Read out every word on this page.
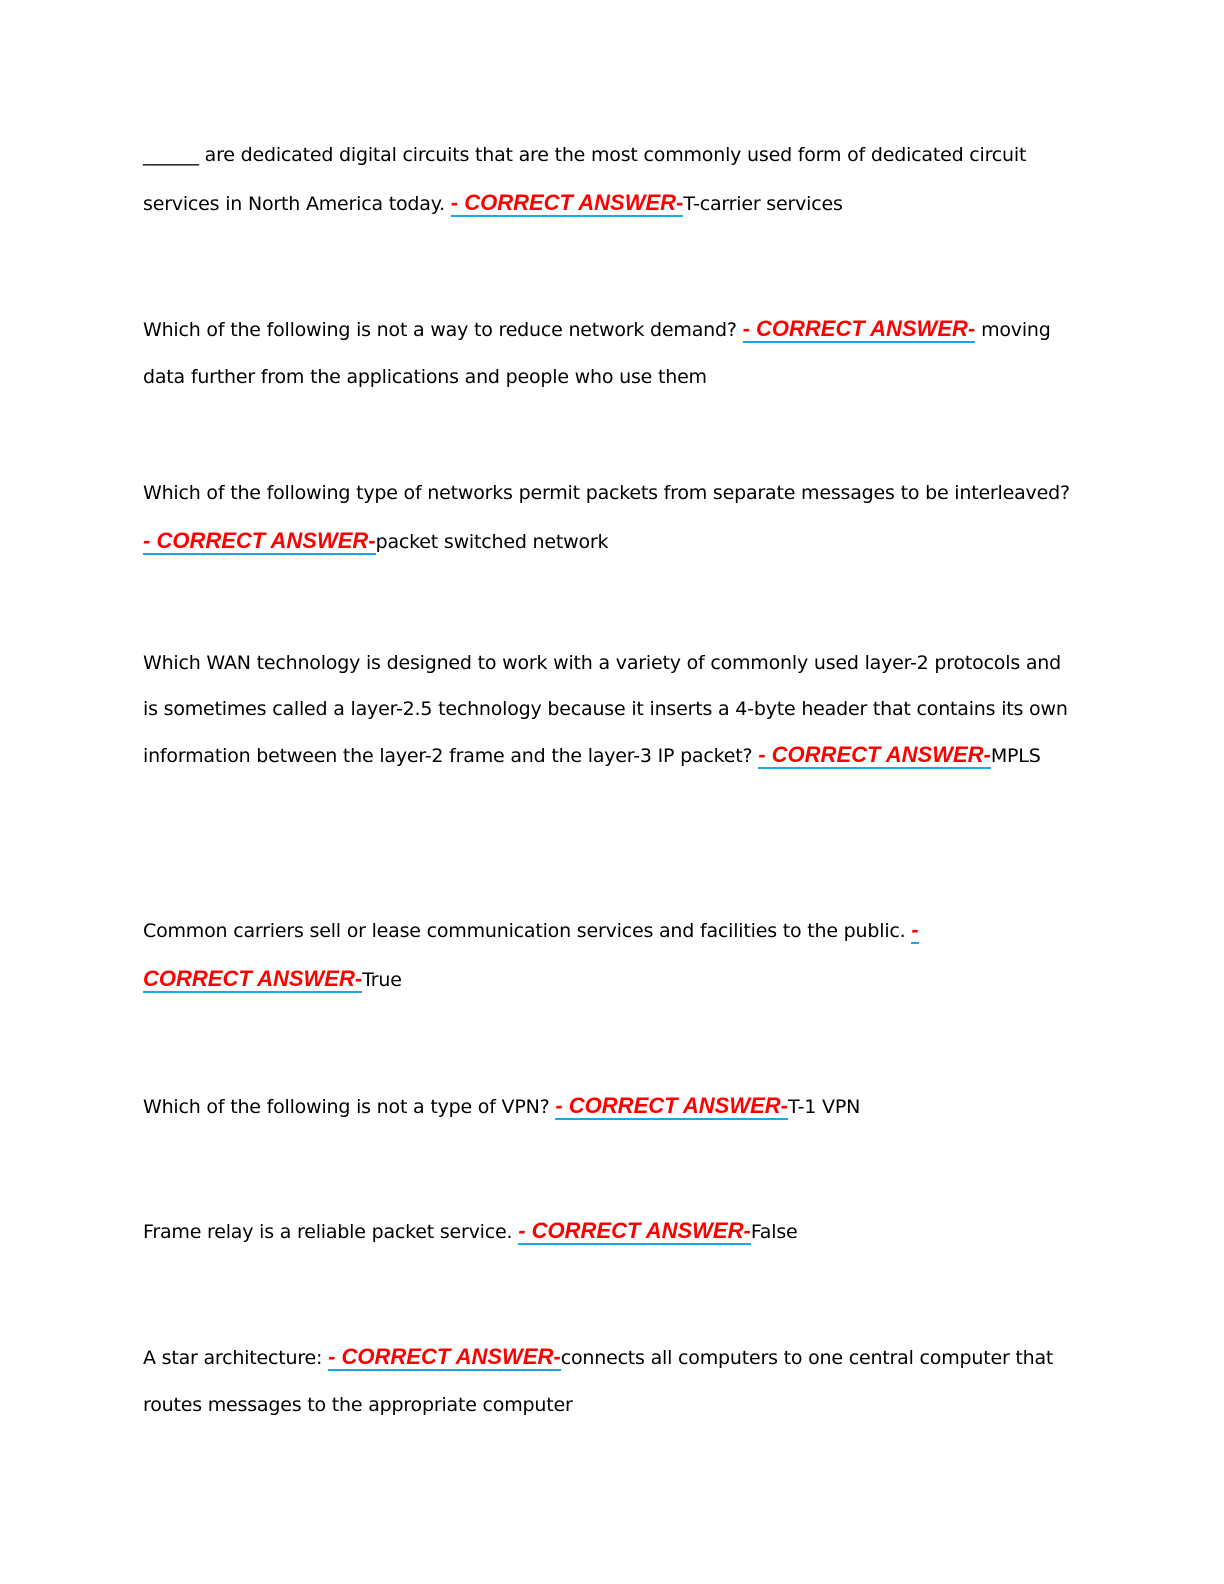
______ are dedicated digital circuits that are the most commonly used form of dedicated circuit services in North America today. - CORRECT ANSWER-T-carrier services

Which of the following is not a way to reduce network demand? - CORRECT ANSWER- moving data further from the applications and people who use them

Which of the following type of networks permit packets from separate messages to be interleaved? - CORRECT ANSWER-packet switched network

Which WAN technology is designed to work with a variety of commonly used layer-2 protocols and is sometimes called a layer-2.5 technology because it inserts a 4-byte header that contains its own information between the layer-2 frame and the layer-3 IP packet? - CORRECT ANSWER-MPLS

Common carriers sell or lease communication services and facilities to the public. - CORRECT ANSWER-True

Which of the following is not a type of VPN? - CORRECT ANSWER-T-1 VPN

Frame relay is a reliable packet service. - CORRECT ANSWER-False

A star architecture: - CORRECT ANSWER-connects all computers to one central computer that routes messages to the appropriate computer
